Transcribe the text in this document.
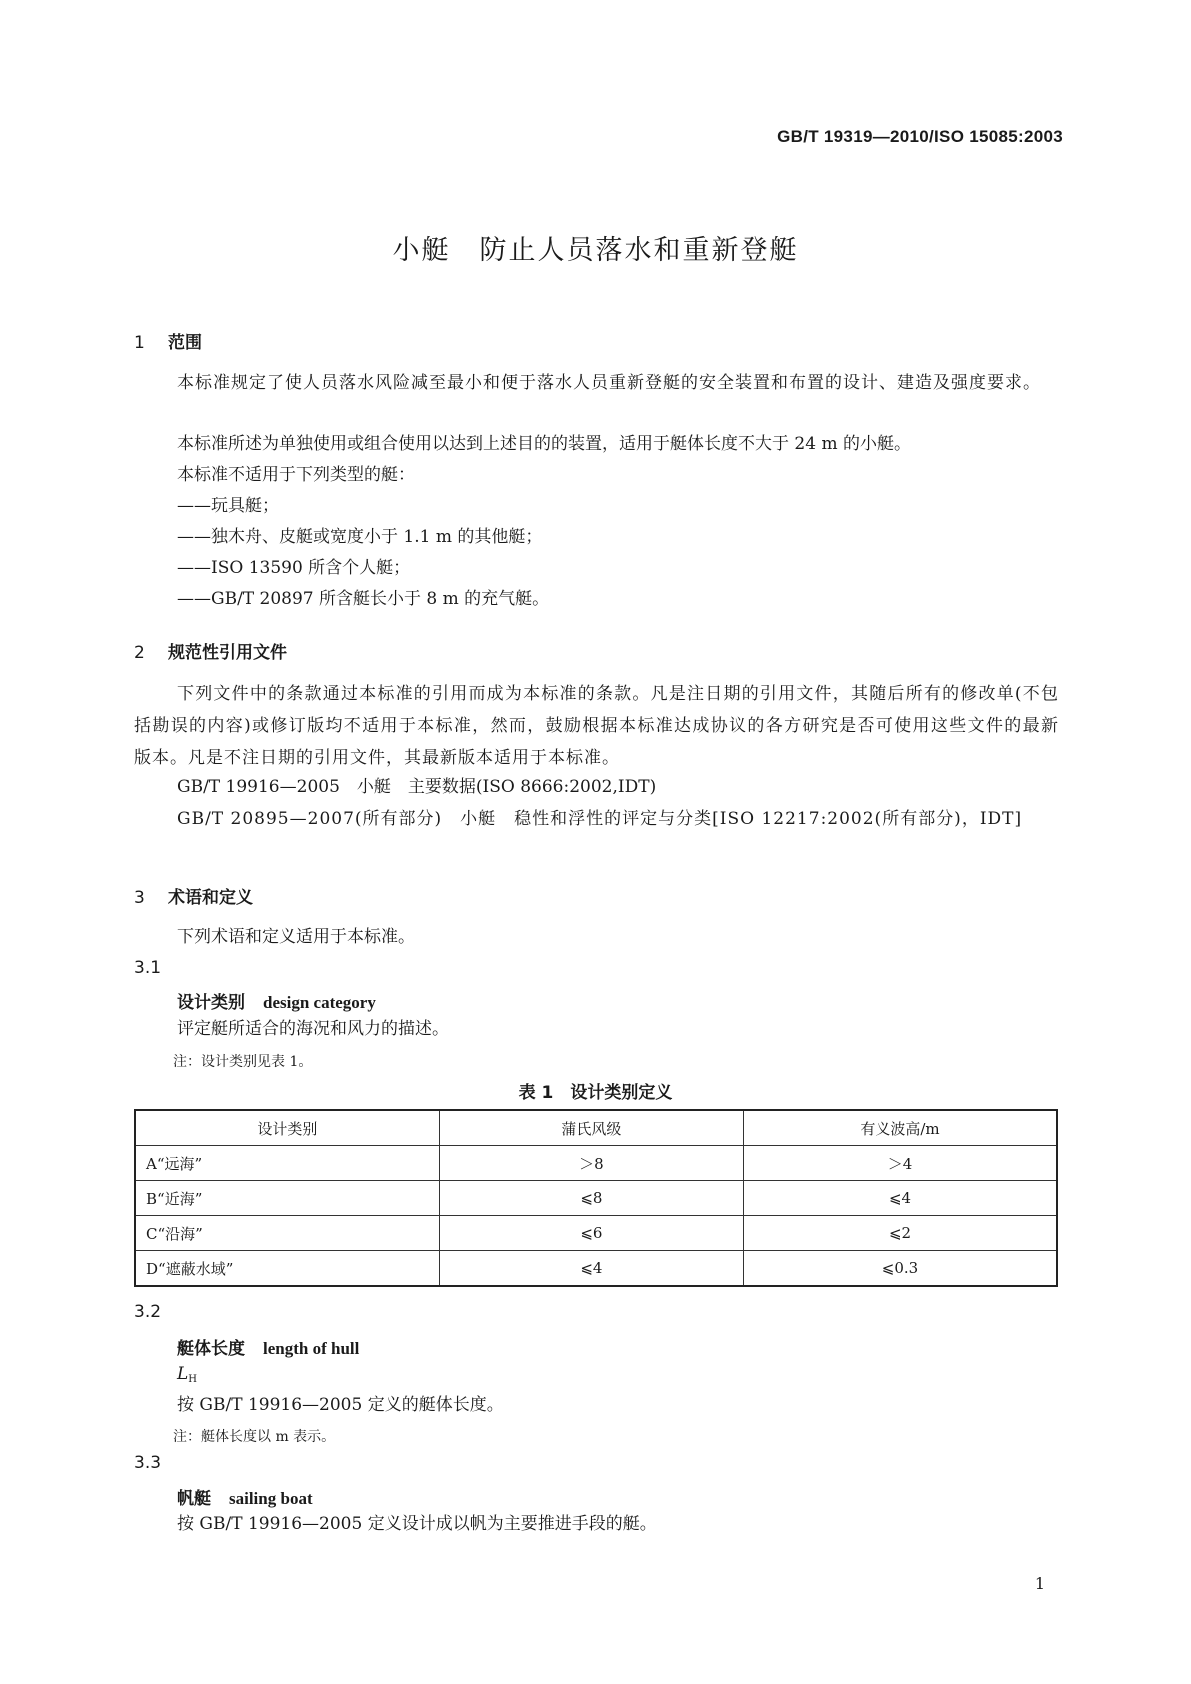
GB/T 19319—2010/ISO 15085:2003
小艇　防止人员落水和重新登艇
1 范围
本标准规定了使人员落水风险减至最小和便于落水人员重新登艇的安全装置和布置的设计、建造及强度要求。
本标准所述为单独使用或组合使用以达到上述目的的装置，适用于艇体长度不大于 24 m 的小艇。
本标准不适用于下列类型的艇：
——玩具艇；
——独木舟、皮艇或宽度小于 1.1 m 的其他艇；
——ISO 13590 所含个人艇；
——GB/T 20897 所含艇长小于 8 m 的充气艇。
2 规范性引用文件
下列文件中的条款通过本标准的引用而成为本标准的条款。凡是注日期的引用文件，其随后所有的修改单(不包括勘误的内容)或修订版均不适用于本标准，然而，鼓励根据本标准达成协议的各方研究是否可使用这些文件的最新版本。凡是不注日期的引用文件，其最新版本适用于本标准。
GB/T 19916—2005　小艇　主要数据(ISO 8666:2002,IDT)
GB/T 20895—2007(所有部分)　小艇　稳性和浮性的评定与分类[ISO 12217:2002(所有部分)，IDT]
3 术语和定义
下列术语和定义适用于本标准。
3.1
设计类别 design category
评定艇所适合的海况和风力的描述。
注：设计类别见表 1。
表 1　设计类别定义
设计类别	蒲氏风级	有义波高/m
A“远海”	＞8	＞4
B“近海”	⩽8	⩽4
C“沿海”	⩽6	⩽2
D“遮蔽水域”	⩽4	⩽0.3
3.2
艇体长度 length of hull
$L_H$
按 GB/T 19916—2005 定义的艇体长度。
注：艇体长度以 m 表示。
3.3
帆艇 sailing boat
按 GB/T 19916—2005 定义设计成以帆为主要推进手段的艇。
1
